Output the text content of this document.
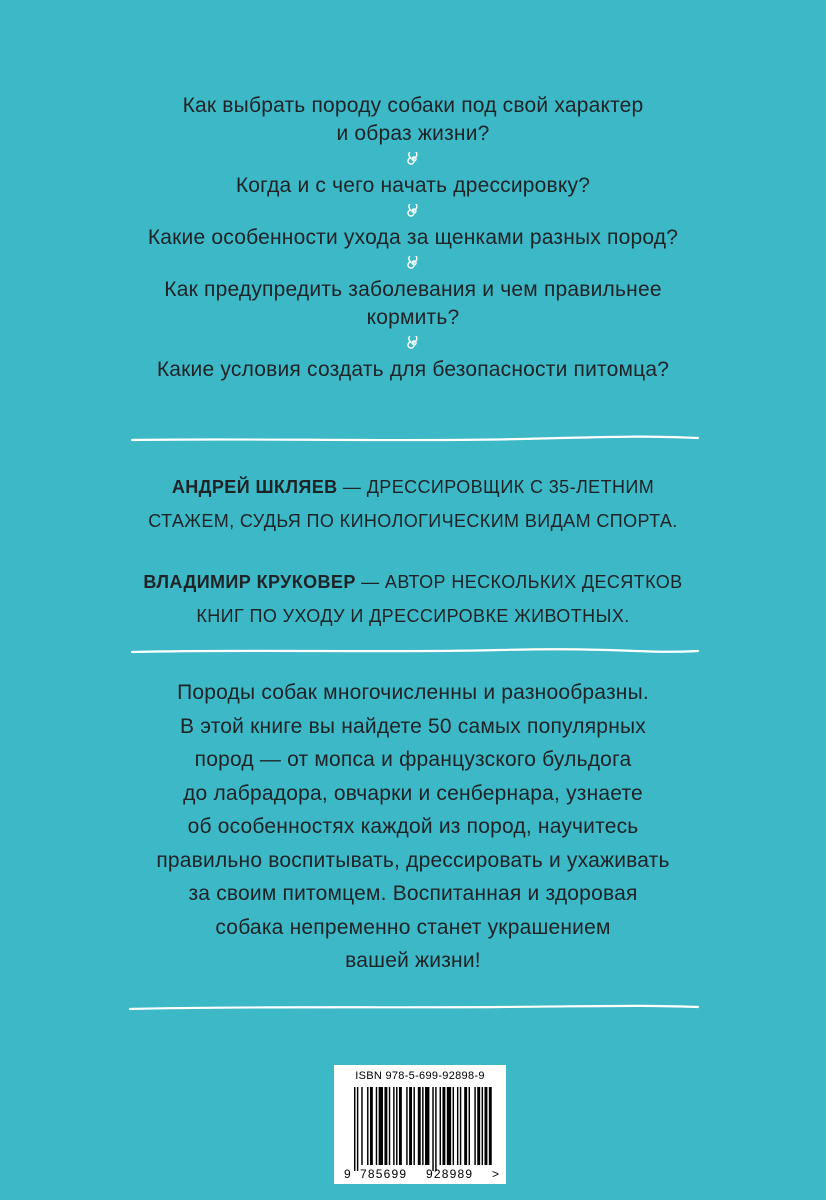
Как выбрать породу собаки под свой характер
и образ жизни?

Когда и с чего начать дрессировку?

Какие особенности ухода за щенками разных пород?

Как предупредить заболевания и чем правильнее
кормить?

Какие условия создать для безопасности питомца?

АНДРЕЙ ШКЛЯЕВ — ДРЕССИРОВЩИК С 35-ЛЕТНИМ
СТАЖЕМ, СУДЬЯ ПО КИНОЛОГИЧЕСКИМ ВИДАМ СПОРТА.

ВЛАДИМИР КРУКОВЕР — АВТОР НЕСКОЛЬКИХ ДЕСЯТКОВ
КНИГ ПО УХОДУ И ДРЕССИРОВКЕ ЖИВОТНЫХ.

Породы собак многочисленны и разнообразны.
В этой книге вы найдете 50 самых популярных
пород — от мопса и французского бульдога
до лабрадора, овчарки и сенбернара, узнаете
об особенностях каждой из пород, научитесь
правильно воспитывать, дрессировать и ухаживать
за своим питомцем. Воспитанная и здоровая
собака непременно станет украшением
вашей жизни!

ISBN 978-5-699-92898-9
9 785699 928989 >
